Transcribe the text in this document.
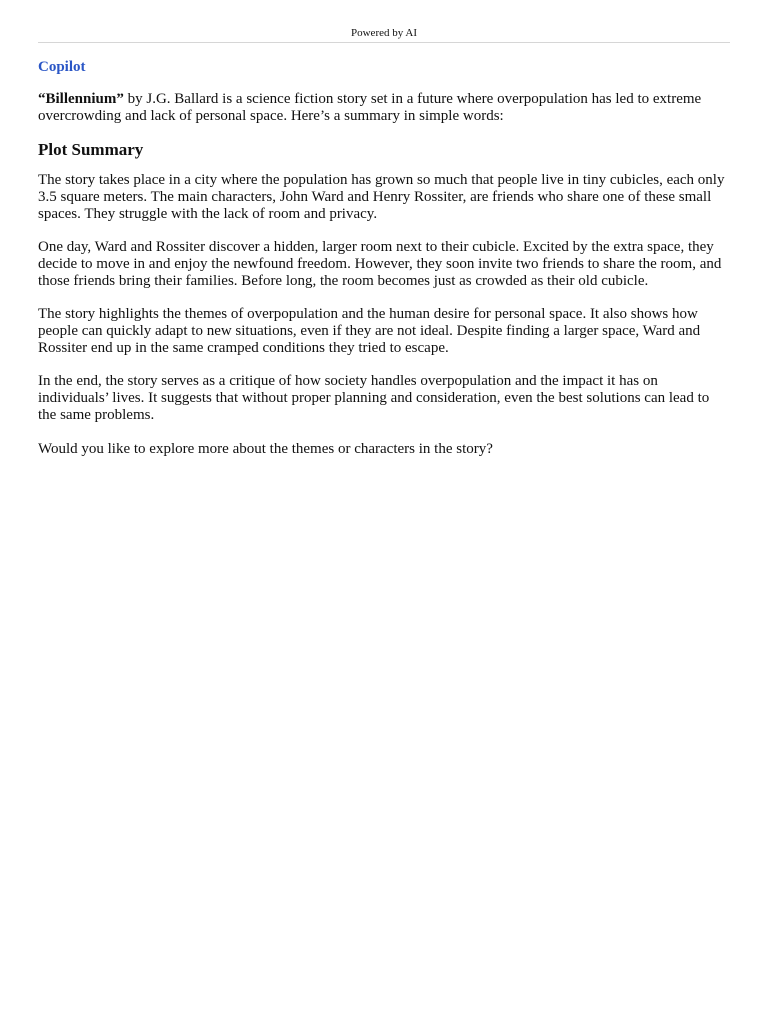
Powered by AI
Copilot

“Billennium” by J.G. Ballard is a science fiction story set in a future where overpopulation has led to extreme overcrowding and lack of personal space. Here’s a summary in simple words:

Plot Summary

The story takes place in a city where the population has grown so much that people live in tiny cubicles, each only 3.5 square meters. The main characters, John Ward and Henry Rossiter, are friends who share one of these small spaces. They struggle with the lack of room and privacy.

One day, Ward and Rossiter discover a hidden, larger room next to their cubicle. Excited by the extra space, they decide to move in and enjoy the newfound freedom. However, they soon invite two friends to share the room, and those friends bring their families. Before long, the room becomes just as crowded as their old cubicle.

The story highlights the themes of overpopulation and the human desire for personal space. It also shows how people can quickly adapt to new situations, even if they are not ideal. Despite finding a larger space, Ward and Rossiter end up in the same cramped conditions they tried to escape.

In the end, the story serves as a critique of how society handles overpopulation and the impact it has on individuals’ lives. It suggests that without proper planning and consideration, even the best solutions can lead to the same problems.

Would you like to explore more about the themes or characters in the story?
